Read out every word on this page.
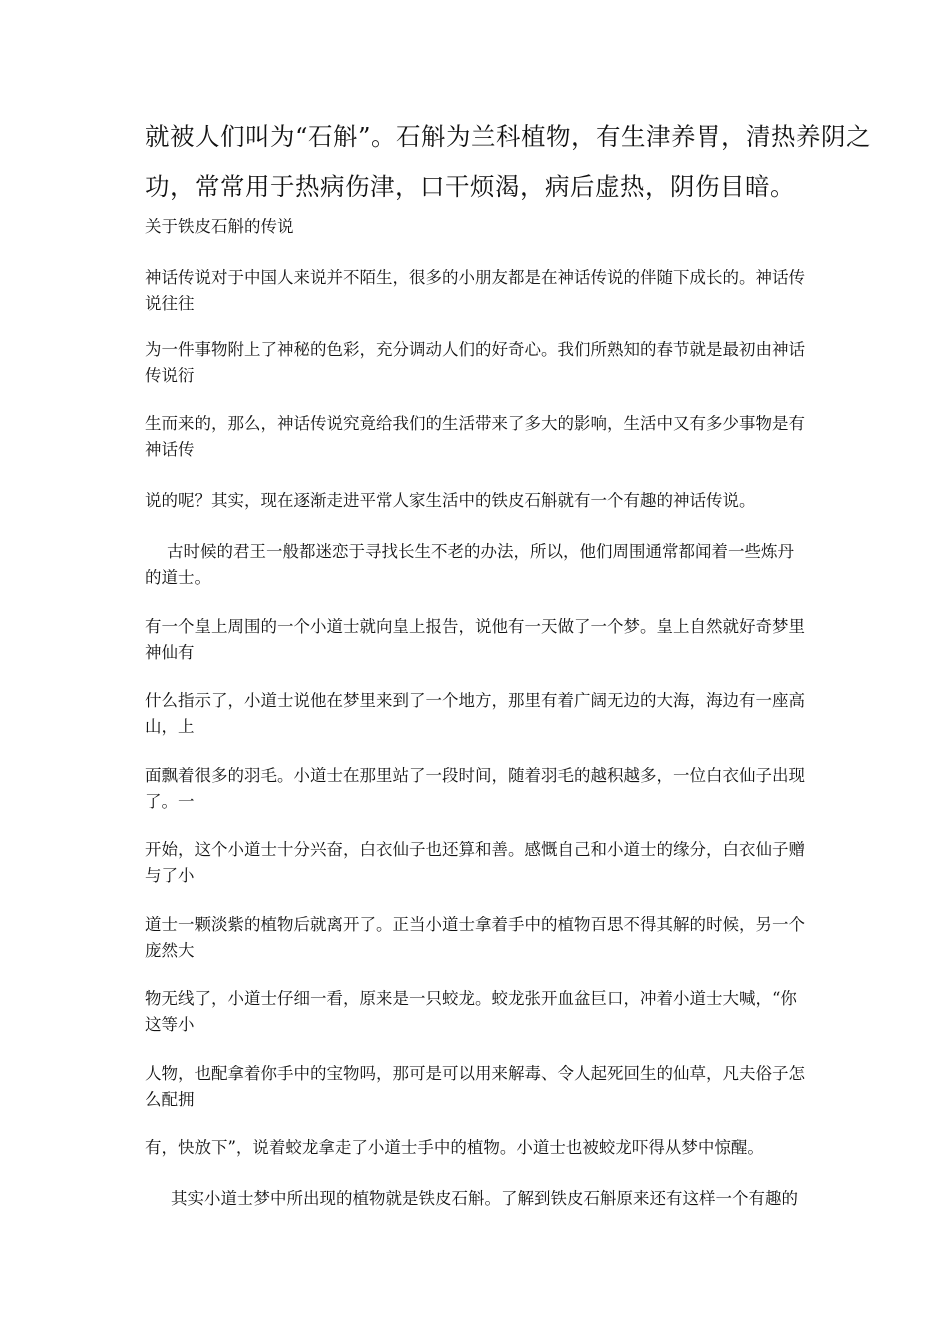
就被人们叫为“石斛”。石斛为兰科植物，有生津养胃，清热养阴之
功，常常用于热病伤津，口干烦渴，病后虚热，阴伤目暗。
关于铁皮石斛的传说
神话传说对于中国人来说并不陌生，很多的小朋友都是在神话传说的伴随下成长的。神话传说往往
为一件事物附上了神秘的色彩，充分调动人们的好奇心。我们所熟知的春节就是最初由神话传说衍
生而来的，那么，神话传说究竟给我们的生活带来了多大的影响，生活中又有多少事物是有神话传
说的呢？其实，现在逐渐走进平常人家生活中的铁皮石斛就有一个有趣的神话传说。
古时候的君王一般都迷恋于寻找长生不老的办法，所以，他们周围通常都闻着一些炼丹的道士。
有一个皇上周围的一个小道士就向皇上报告，说他有一天做了一个梦。皇上自然就好奇梦里神仙有
什么指示了，小道士说他在梦里来到了一个地方，那里有着广阔无边的大海，海边有一座高山，上
面飘着很多的羽毛。小道士在那里站了一段时间，随着羽毛的越积越多，一位白衣仙子出现了。一
开始，这个小道士十分兴奋，白衣仙子也还算和善。感慨自己和小道士的缘分，白衣仙子赠与了小
道士一颗淡紫的植物后就离开了。正当小道士拿着手中的植物百思不得其解的时候，另一个庞然大
物无线了，小道士仔细一看，原来是一只蛟龙。蛟龙张开血盆巨口，冲着小道士大喊，“你这等小
人物，也配拿着你手中的宝物吗，那可是可以用来解毒、令人起死回生的仙草，凡夫俗子怎么配拥
有，快放下”，说着蛟龙拿走了小道士手中的植物。小道士也被蛟龙吓得从梦中惊醒。
其实小道士梦中所出现的植物就是铁皮石斛。了解到铁皮石斛原来还有这样一个有趣的
